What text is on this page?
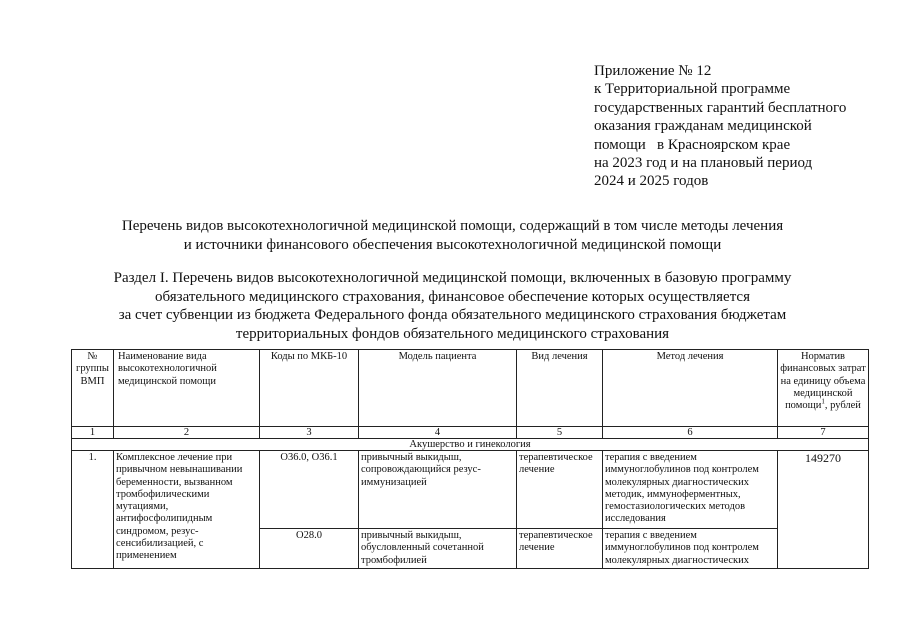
Приложение № 12
к Территориальной программе
государственных гарантий бесплатного
оказания гражданам медицинской
помощи   в Красноярском крае
на 2023 год и на плановый период
2024 и 2025 годов
Перечень видов высокотехнологичной медицинской помощи, содержащий в том числе методы лечения
и источники финансового обеспечения высокотехнологичной медицинской помощи
Раздел I. Перечень видов высокотехнологичной медицинской помощи, включенных в базовую программу
обязательного медицинского страхования, финансовое обеспечение которых осуществляется
за счет субвенции из бюджета Федерального фонда обязательного медицинского страхования бюджетам
территориальных фондов обязательного медицинского страхования
№ группы ВМП	Наименование вида высокотехнологичной медицинской помощи	Коды по МКБ-10	Модель пациента	Вид лечения	Метод лечения	Норматив финансовых затрат на единицу объема медицинской помощи$^1$, рублей
1	2	3	4	5	6	7
Акушерство и гинекология						
1.	Комплексное лечение при привычном невынашивании беременности, вызванном тромбофилическими мутациями, антифосфолипидным синдромом, резус-сенсибилизацией, с применением	O36.0, O36.1	привычный выкидыш, сопровождающийся резус-иммунизацией	терапевтическое лечение	терапия с введением иммуноглобулинов под контролем молекулярных диагностических методик, иммуноферментных, гемостазиологических методов исследования	149270
		O28.0	привычный выкидыш, обусловленный сочетанной тромбофилией	терапевтическое лечение	терапия с введением иммуноглобулинов под контролем молекулярных диагностических	
